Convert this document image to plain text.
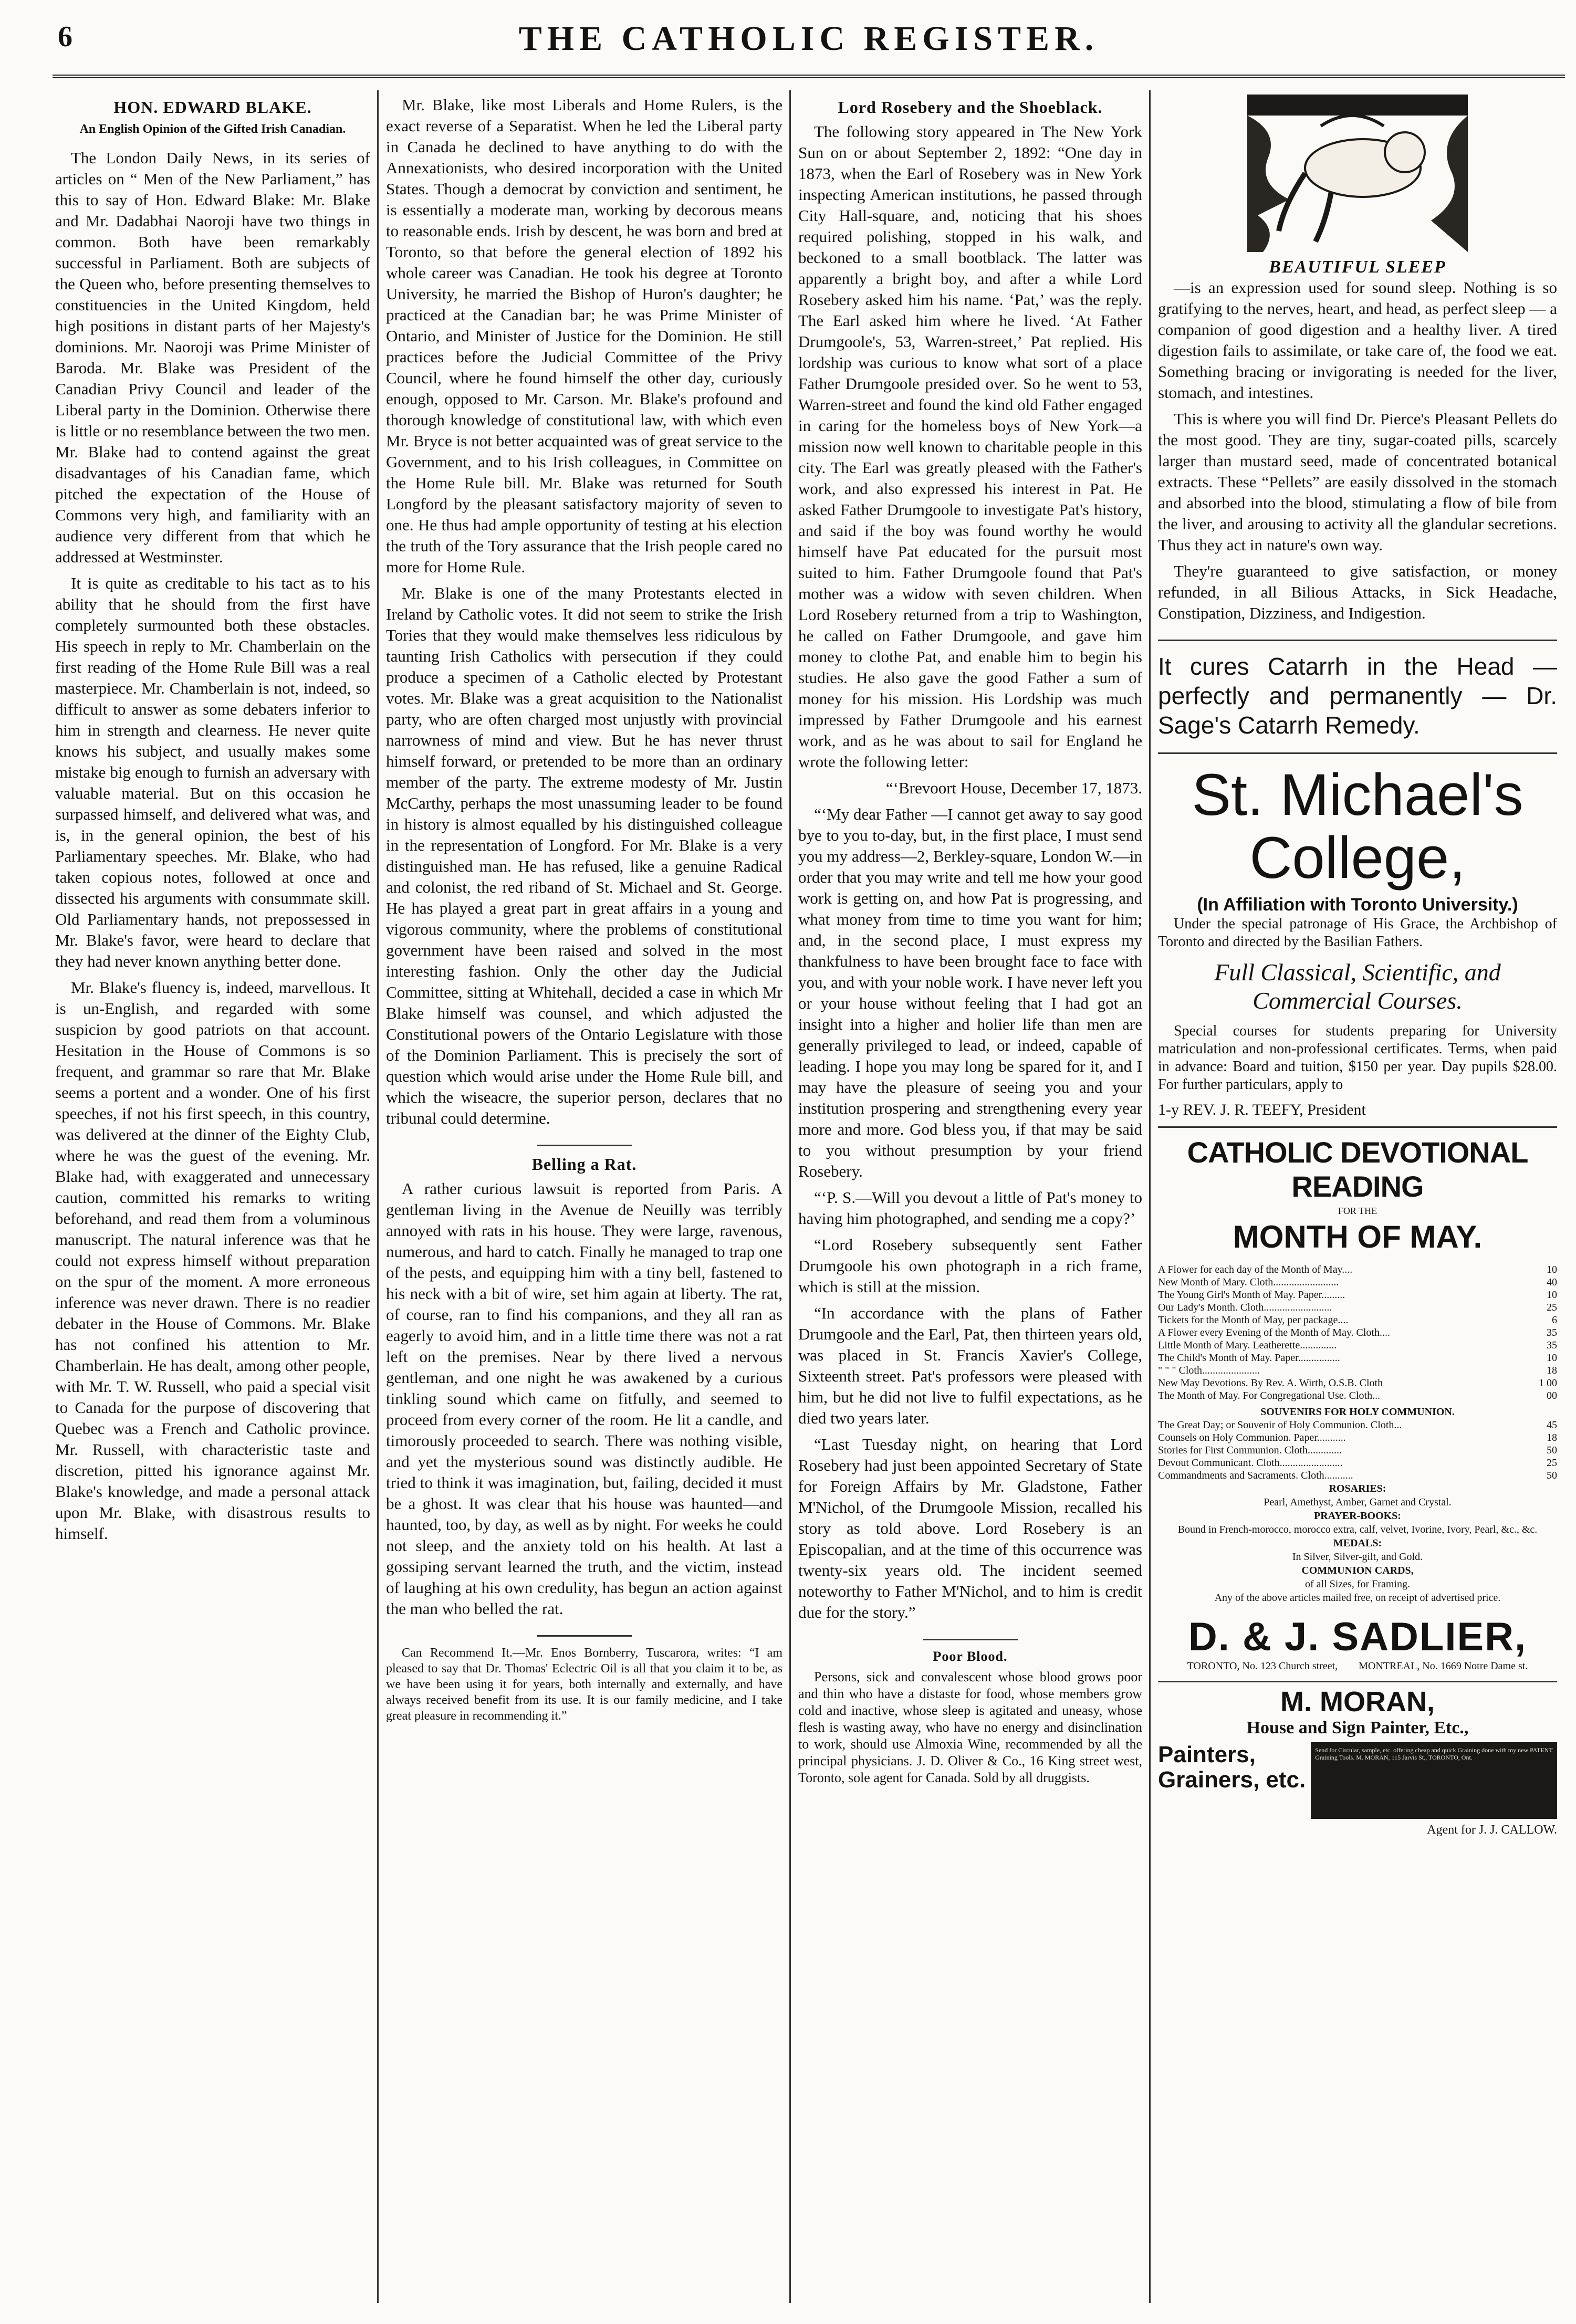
6	THE CATHOLIC REGISTER.
HON. EDWARD BLAKE.
An English Opinion of the Gifted Irish Canadian.

The London Daily News, in its series of articles on “ Men of the New Parliament,” has this to say of Hon. Edward Blake: Mr. Blake and Mr. Dadabhai Naoroji have two things in common. Both have been remarkably successful in Parliament. Both are subjects of the Queen who, before presenting themselves to constituencies in the United Kingdom, held high positions in distant parts of her Majesty's dominions. Mr. Naoroji was Prime Minister of Baroda. Mr. Blake was President of the Canadian Privy Council and leader of the Liberal party in the Dominion. Otherwise there is little or no resemblance between the two men. Mr. Blake had to contend against the great disadvantages of his Canadian fame, which pitched the expectation of the House of Commons very high, and familiarity with an audience very different from that which he addressed at Westminster.

It is quite as creditable to his tact as to his ability that he should from the first have completely surmounted both these obstacles. His speech in reply to Mr. Chamberlain on the first reading of the Home Rule Bill was a real masterpiece. Mr. Chamberlain is not, indeed, so difficult to answer as some debaters inferior to him in strength and clearness. He never quite knows his subject, and usually makes some mistake big enough to furnish an adversary with valuable material. But on this occasion he surpassed himself, and delivered what was, and is, in the general opinion, the best of his Parliamentary speeches. Mr. Blake, who had taken copious notes, followed at once and dissected his arguments with consummate skill. Old Parliamentary hands, not prepossessed in Mr. Blake's favor, were heard to declare that they had never known anything better done.

Mr. Blake's fluency is, indeed, marvellous. It is un-English, and regarded with some suspicion by good patriots on that account. Hesitation in the House of Commons is so frequent, and grammar so rare that Mr. Blake seems a portent and a wonder. One of his first speeches, if not his first speech, in this country, was delivered at the dinner of the Eighty Club, where he was the guest of the evening. Mr. Blake had, with exaggerated and unnecessary caution, committed his remarks to writing beforehand, and read them from a voluminous manuscript. The natural inference was that he could not express himself without preparation on the spur of the moment. A more erroneous inference was never drawn. There is no readier debater in the House of Commons. Mr. Blake has not confined his attention to Mr. Chamberlain. He has dealt, among other people, with Mr. T. W. Russell, who paid a special visit to Canada for the purpose of discovering that Quebec was a French and Catholic province. Mr. Russell, with characteristic taste and discretion, pitted his ignorance against Mr. Blake's knowledge, and made a personal attack upon Mr. Blake, with disastrous results to himself.

Mr. Blake, like most Liberals and Home Rulers, is the exact reverse of a Separatist. When he led the Liberal party in Canada he declined to have anything to do with the Annexationists, who desired incorporation with the United States. Though a democrat by conviction and sentiment, he is essentially a moderate man, working by decorous means to reasonable ends. Irish by descent, he was born and bred at Toronto, so that before the general election of 1892 his whole career was Canadian. He took his degree at Toronto University, he married the Bishop of Huron's daughter; he practiced at the Canadian bar; he was Prime Minister of Ontario, and Minister of Justice for the Dominion. He still practices before the Judicial Committee of the Privy Council, where he found himself the other day, curiously enough, opposed to Mr. Carson. Mr. Blake's profound and thorough knowledge of constitutional law, with which even Mr. Bryce is not better acquainted was of great service to the Government, and to his Irish colleagues, in Committee on the Home Rule bill. Mr. Blake was returned for South Longford by the pleasant satisfactory majority of seven to one. He thus had ample opportunity of testing at his election the truth of the Tory assurance that the Irish people cared no more for Home Rule.

Mr. Blake is one of the many Protestants elected in Ireland by Catholic votes. It did not seem to strike the Irish Tories that they would make themselves less ridiculous by taunting Irish Catholics with persecution if they could produce a specimen of a Catholic elected by Protestant votes. Mr. Blake was a great acquisition to the Nationalist party, who are often charged most unjustly with provincial narrowness of mind and view. But he has never thrust himself forward, or pretended to be more than an ordinary member of the party. The extreme modesty of Mr. Justin McCarthy, perhaps the most unassuming leader to be found in history is almost equalled by his distinguished colleague in the representation of Longford. For Mr. Blake is a very distinguished man. He has refused, like a genuine Radical and colonist, the red riband of St. Michael and St. George. He has played a great part in great affairs in a young and vigorous community, where the problems of constitutional government have been raised and solved in the most interesting fashion. Only the other day the Judicial Committee, sitting at Whitehall, decided a case in which Mr Blake himself was counsel, and which adjusted the Constitutional powers of the Ontario Legislature with those of the Dominion Parliament. This is precisely the sort of question which would arise under the Home Rule bill, and which the wiseacre, the superior person, declares that no tribunal could determine.

Belling a Rat.

A rather curious lawsuit is reported from Paris. A gentleman living in the Avenue de Neuilly was terribly annoyed with rats in his house. They were large, ravenous, numerous, and hard to catch. Finally he managed to trap one of the pests, and equipping him with a tiny bell, fastened to his neck with a bit of wire, set him again at liberty. The rat, of course, ran to find his companions, and they all ran as eagerly to avoid him, and in a little time there was not a rat left on the premises. Near by there lived a nervous gentleman, and one night he was awakened by a curious tinkling sound which came on fitfully, and seemed to proceed from every corner of the room. He lit a candle, and timorously proceeded to search. There was nothing visible, and yet the mysterious sound was distinctly audible. He tried to think it was imagination, but, failing, decided it must be a ghost. It was clear that his house was haunted—and haunted, too, by day, as well as by night. For weeks he could not sleep, and the anxiety told on his health. At last a gossiping servant learned the truth, and the victim, instead of laughing at his own credulity, has begun an action against the man who belled the rat.

Can Recommend It.—Mr. Enos Bornberry, Tuscarora, writes: “I am pleased to say that Dr. Thomas' Eclectric Oil is all that you claim it to be, as we have been using it for years, both internally and externally, and have always received benefit from its use. It is our family medicine, and I take great pleasure in recommending it.”

Lord Rosebery and the Shoeblack.

The following story appeared in The New York Sun on or about September 2, 1892: “One day in 1873, when the Earl of Rosebery was in New York inspecting American institutions, he passed through City Hall-square, and, noticing that his shoes required polishing, stopped in his walk, and beckoned to a small bootblack. The latter was apparently a bright boy, and after a while Lord Rosebery asked him his name. ‘Pat,’ was the reply. The Earl asked him where he lived. ‘At Father Drumgoole's, 53, Warren-street,’ Pat replied. His lordship was curious to know what sort of a place Father Drumgoole presided over. So he went to 53, Warren-street and found the kind old Father engaged in caring for the homeless boys of New York—a mission now well known to charitable people in this city. The Earl was greatly pleased with the Father's work, and also expressed his interest in Pat. He asked Father Drumgoole to investigate Pat's history, and said if the boy was found worthy he would himself have Pat educated for the pursuit most suited to him. Father Drumgoole found that Pat's mother was a widow with seven children. When Lord Rosebery returned from a trip to Washington, he called on Father Drumgoole, and gave him money to clothe Pat, and enable him to begin his studies. He also gave the good Father a sum of money for his mission. His Lordship was much impressed by Father Drumgoole and his earnest work, and as he was about to sail for England he wrote the following letter:

“‘Brevoort House, December 17, 1873.

“‘My dear Father —I cannot get away to say good bye to you to-day, but, in the first place, I must send you my address—2, Berkley-square, London W.—in order that you may write and tell me how your good work is getting on, and how Pat is progressing, and what money from time to time you want for him; and, in the second place, I must express my thankfulness to have been brought face to face with you, and with your noble work. I have never left you or your house without feeling that I had got an insight into a higher and holier life than men are generally privileged to lead, or indeed, capable of leading. I hope you may long be spared for it, and I may have the pleasure of seeing you and your institution prospering and strengthening every year more and more. God bless you, if that may be said to you without presumption by your friend Rosebery.

“‘P. S.—Will you devout a little of Pat's money to having him photographed, and sending me a copy?’

“Lord Rosebery subsequently sent Father Drumgoole his own photograph in a rich frame, which is still at the mission.

“In accordance with the plans of Father Drumgoole and the Earl, Pat, then thirteen years old, was placed in St. Francis Xavier's College, Sixteenth street. Pat's professors were pleased with him, but he did not live to fulfil expectations, as he died two years later.

“Last Tuesday night, on hearing that Lord Rosebery had just been appointed Secretary of State for Foreign Affairs by Mr. Gladstone, Father M'Nichol, of the Drumgoole Mission, recalled his story as told above. Lord Rosebery is an Episcopalian, and at the time of this occurrence was twenty-six years old. The incident seemed noteworthy to Father M'Nichol, and to him is credit due for the story.”

Poor Blood.

Persons, sick and convalescent whose blood grows poor and thin who have a distaste for food, whose members grow cold and inactive, whose sleep is agitated and uneasy, whose flesh is wasting away, who have no energy and disinclination to work, should use Almoxia Wine, recommended by all the principal physicians. J. D. Oliver & Co., 16 King street west, Toronto, sole agent for Canada. Sold by all druggists.

BEAUTIFUL SLEEP

—is an expression used for sound sleep. Nothing is so gratifying to the nerves, heart, and head, as perfect sleep — a companion of good digestion and a healthy liver. A tired digestion fails to assimilate, or take care of, the food we eat. Something bracing or invigorating is needed for the liver, stomach, and intestines.

This is where you will find Dr. Pierce's Pleasant Pellets do the most good. They are tiny, sugar-coated pills, scarcely larger than mustard seed, made of concentrated botanical extracts. These “Pellets” are easily dissolved in the stomach and absorbed into the blood, stimulating a flow of bile from the liver, and arousing to activity all the glandular secretions. Thus they act in nature's own way.

They're guaranteed to give satisfaction, or money refunded, in all Bilious Attacks, in Sick Headache, Constipation, Dizziness, and Indigestion.

It cures Catarrh in the Head — perfectly and permanently — Dr. Sage's Catarrh Remedy.
St. Michael's College,
(In Affiliation with Toronto University.)

Under the special patronage of His Grace, the Archbishop of Toronto and directed by the Basilian Fathers.

Full Classical, Scientific, and Commercial Courses.

Special courses for students preparing for University matriculation and non-professional certificates. Terms, when paid in advance: Board and tuition, $150 per year. Day pupils $28.00. For further particulars, apply to

1-y REV. J. R. TEEFY, President
CATHOLIC DEVOTIONAL READING
FOR THE
MONTH OF MAY.
A Flower for each day of the Month of May....	10
New Month of Mary. Cloth.........................	40
The Young Girl's Month of May. Paper.........	10
Our Lady's Month. Cloth..........................	25
Tickets for the Month of May, per package....	6
A Flower every Evening of the Month of May. Cloth....	35
Little Month of Mary. Leatherette..............	35
The Child's Month of May. Paper................	10
" " " Cloth......................	18
New May Devotions. By Rev. A. Wirth, O.S.B. Cloth	1 00
The Month of May. For Congregational Use. Cloth...	00
SOUVENIRS FOR HOLY COMMUNION.
The Great Day; or Souvenir of Holy Communion. Cloth...	45
Counsels on Holy Communion. Paper...........	18
Stories for First Communion. Cloth.............	50
Devout Communicant. Cloth........................	25
Commandments and Sacraments. Cloth...........	50
ROSARIES:
Pearl, Amethyst, Amber, Garnet and Crystal.
PRAYER-BOOKS:
Bound in French-morocco, morocco extra, calf, velvet, Ivorine, Ivory, Pearl, &c., &c.
MEDALS:
In Silver, Silver-gilt, and Gold.
COMMUNION CARDS,
of all Sizes, for Framing.
Any of the above articles mailed free, on receipt of advertised price.
D. & J. SADLIER,
TORONTO, No. 123 Church street, MONTREAL, No. 1669 Notre Dame st.
M. MORAN,
House and Sign Painter, Etc.,
Painters,
Grainers, etc.
Send for Circular, sample, etc. offering cheap and quick Graining done with my new PATENT Graining Tools. M. MORAN, 115 Jarvis St., TORONTO, Ont.
Agent for J. J. CALLOW.
